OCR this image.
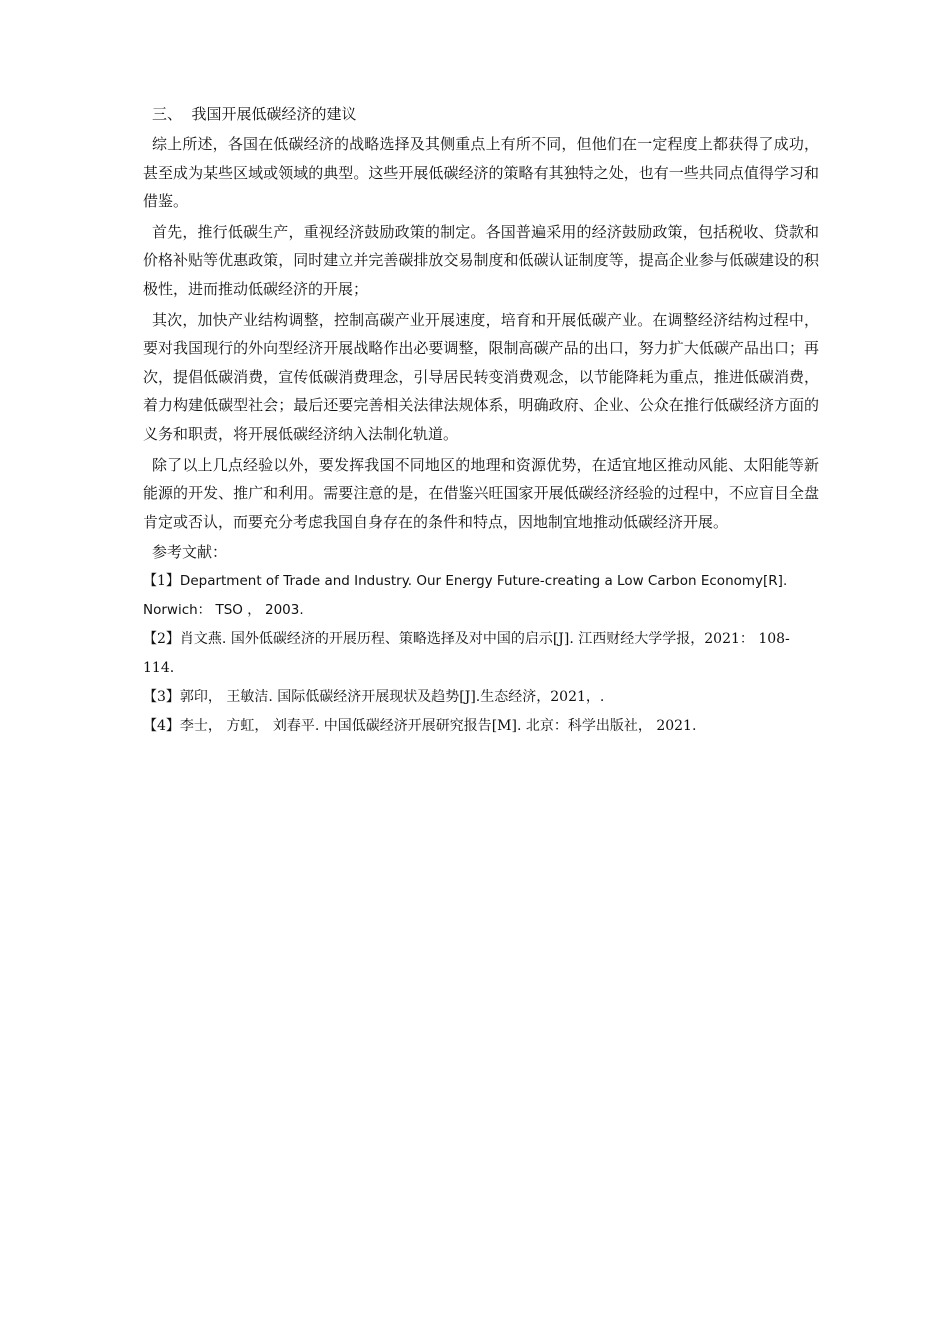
三、  我国开展低碳经济的建议

综上所述，各国在低碳经济的战略选择及其侧重点上有所不同，但他们在一定程度上都获得了成功，甚至成为某些区域或领域的典型。这些开展低碳经济的策略有其独特之处，也有一些共同点值得学习和借鉴。

首先，推行低碳生产，重视经济鼓励政策的制定。各国普遍采用的经济鼓励政策，包括税收、贷款和价格补贴等优惠政策，同时建立并完善碳排放交易制度和低碳认证制度等，提高企业参与低碳建设的积极性，进而推动低碳经济的开展；

其次，加快产业结构调整，控制高碳产业开展速度，培育和开展低碳产业。在调整经济结构过程中，要对我国现行的外向型经济开展战略作出必要调整，限制高碳产品的出口，努力扩大低碳产品出口；再次，提倡低碳消费，宣传低碳消费理念，引导居民转变消费观念，以节能降耗为重点，推进低碳消费，着力构建低碳型社会；最后还要完善相关法律法规体系，明确政府、企业、公众在推行低碳经济方面的义务和职责，将开展低碳经济纳入法制化轨道。

除了以上几点经验以外，要发挥我国不同地区的地理和资源优势，在适宜地区推动风能、太阳能等新能源的开发、推广和利用。需要注意的是，在借鉴兴旺国家开展低碳经济经验的过程中，不应盲目全盘肯定或否认，而要充分考虑我国自身存在的条件和特点，因地制宜地推动低碳经济开展。

参考文献：

【1】Department of Trade and Industry. Our Energy Future-creating a Low Carbon Economy[R]. Norwich： TSO ， 2003.

【2】肖文燕. 国外低碳经济的开展历程、策略选择及对中国的启示[J]. 江西财经大学学报，2021： 108-114.

【3】郭印， 王敏洁. 国际低碳经济开展现状及趋势[J].生态经济，2021，.

【4】李士， 方虹， 刘春平. 中国低碳经济开展研究报告[M]. 北京：科学出版社， 2021.
